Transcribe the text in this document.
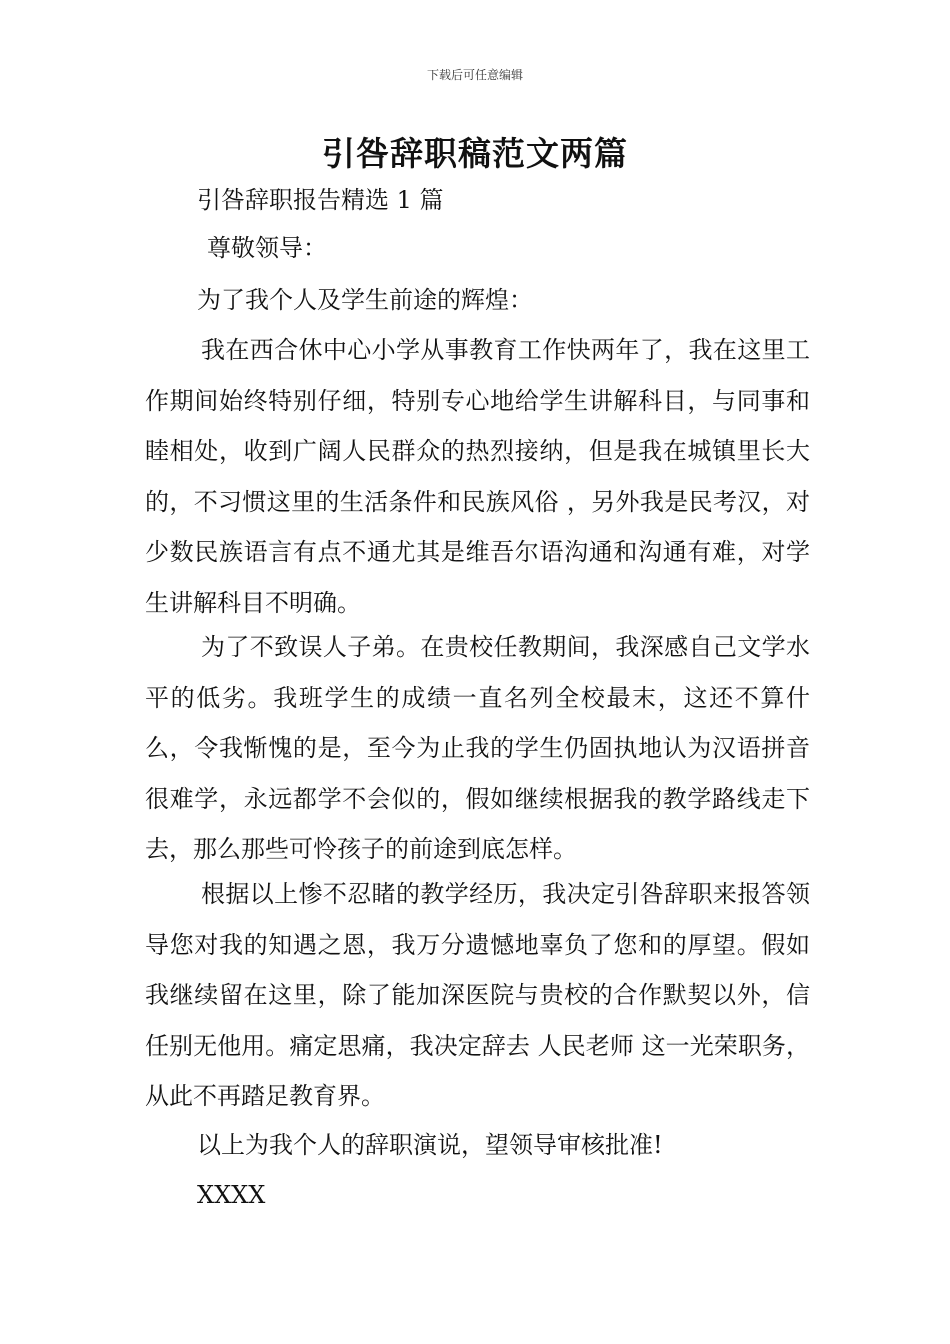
下载后可任意编辑
引咎辞职稿范文两篇
引咎辞职报告精选 1 篇
尊敬领导：
为了我个人及学生前途的辉煌：
我在西合休中心小学从事教育工作快两年了，我在这里工作期间始终特别仔细，特别专心地给学生讲解科目，与同事和睦相处，收到广阔人民群众的热烈接纳，但是我在城镇里长大的，不习惯这里的生活条件和民族风俗 ，另外我是民考汉，对少数民族语言有点不通尤其是维吾尔语沟通和沟通有难，对学生讲解科目不明确。
为了不致误人子弟。在贵校任教期间，我深感自己文学水平的低劣。我班学生的成绩一直名列全校最末，这还不算什么，令我惭愧的是，至今为止我的学生仍固执地认为汉语拼音很难学，永远都学不会似的，假如继续根据我的教学路线走下去，那么那些可怜孩子的前途到底怎样。
根据以上惨不忍睹的教学经历，我决定引咎辞职来报答领导您对我的知遇之恩，我万分遗憾地辜负了您和的厚望。假如我继续留在这里，除了能加深医院与贵校的合作默契以外，信任别无他用。痛定思痛，我决定辞去 人民老师 这一光荣职务，从此不再踏足教育界。
以上为我个人的辞职演说，望领导审核批准!
XXXX
